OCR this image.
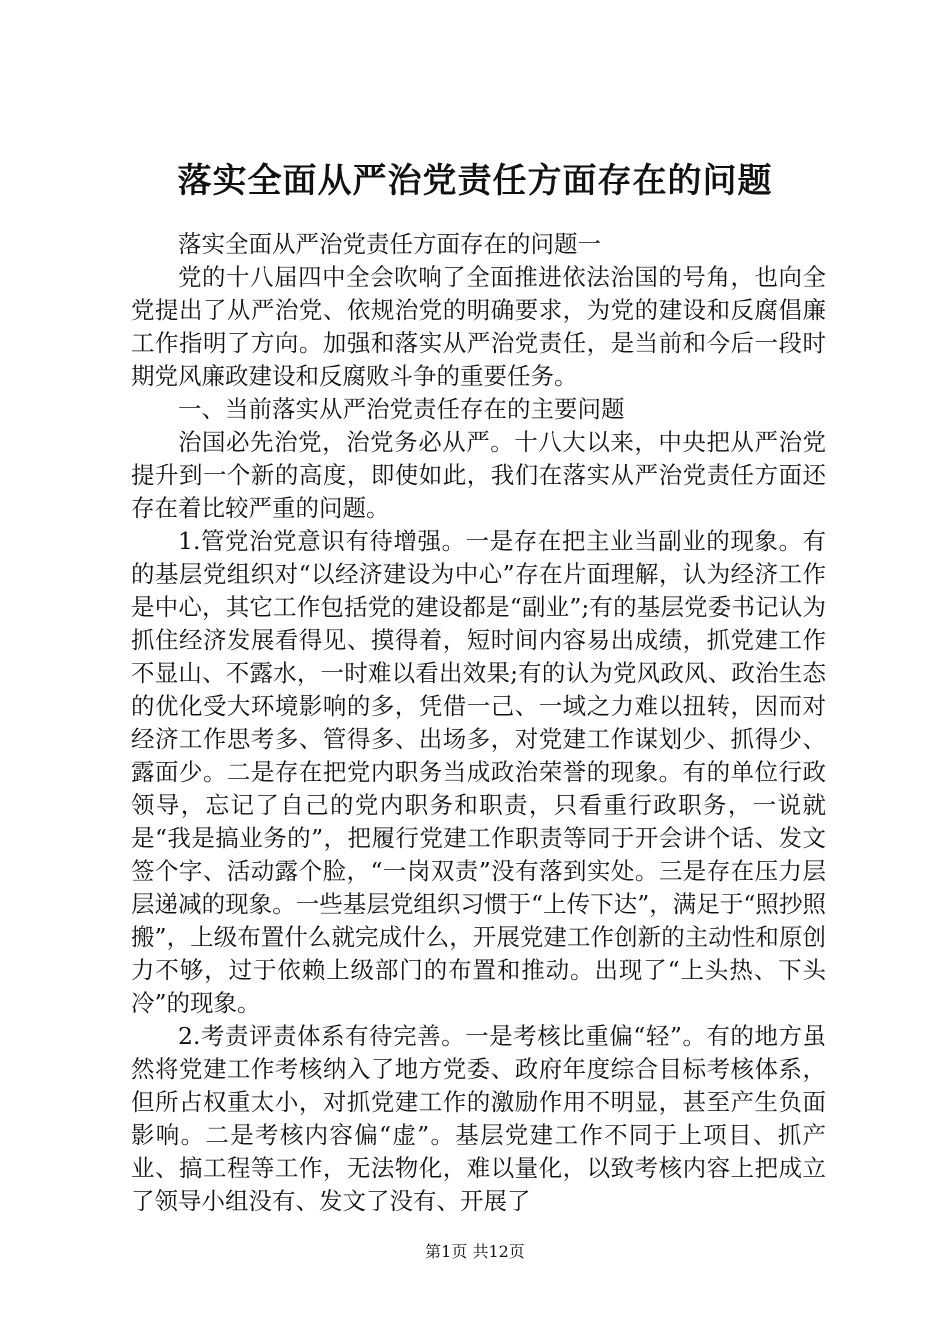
落实全面从严治党责任方面存在的问题

落实全面从严治党责任方面存在的问题一

党的十八届四中全会吹响了全面推进依法治国的号角，也向全党提出了从严治党、依规治党的明确要求，为党的建设和反腐倡廉工作指明了方向。加强和落实从严治党责任，是当前和今后一段时期党风廉政建设和反腐败斗争的重要任务。

一、当前落实从严治党责任存在的主要问题

治国必先治党，治党务必从严。十八大以来，中央把从严治党提升到一个新的高度，即使如此，我们在落实从严治党责任方面还存在着比较严重的问题。

1.管党治党意识有待增强。一是存在把主业当副业的现象。有的基层党组织对“以经济建设为中心”存在片面理解，认为经济工作是中心，其它工作包括党的建设都是“副业”;有的基层党委书记认为抓住经济发展看得见、摸得着，短时间内容易出成绩，抓党建工作不显山、不露水，一时难以看出效果;有的认为党风政风、政治生态的优化受大环境影响的多，凭借一己、一域之力难以扭转，因而对经济工作思考多、管得多、出场多，对党建工作谋划少、抓得少、露面少。二是存在把党内职务当成政治荣誉的现象。有的单位行政领导，忘记了自己的党内职务和职责，只看重行政职务，一说就是“我是搞业务的”，把履行党建工作职责等同于开会讲个话、发文签个字、活动露个脸，“一岗双责”没有落到实处。三是存在压力层层递减的现象。一些基层党组织习惯于“上传下达”，满足于“照抄照搬”，上级布置什么就完成什么，开展党建工作创新的主动性和原创力不够，过于依赖上级部门的布置和推动。出现了“上头热、下头冷”的现象。

2.考责评责体系有待完善。一是考核比重偏“轻”。有的地方虽然将党建工作考核纳入了地方党委、政府年度综合目标考核体系，但所占权重太小，对抓党建工作的激励作用不明显，甚至产生负面影响。二是考核内容偏“虚”。基层党建工作不同于上项目、抓产业、搞工程等工作，无法物化，难以量化，以致考核内容上把成立了领导小组没有、发文了没有、开展了

第1页 共12页
